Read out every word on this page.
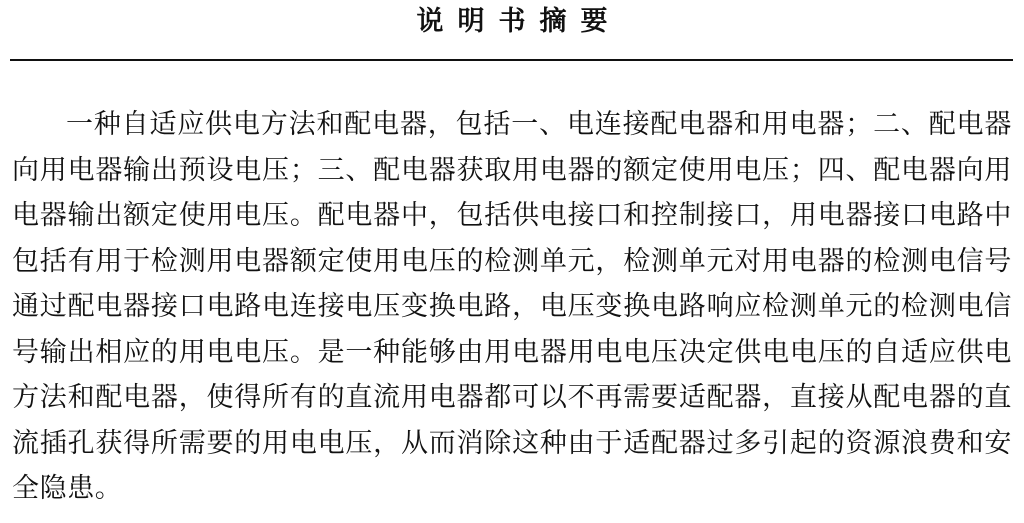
说明书摘要

一种自适应供电方法和配电器，包括一、电连接配电器和用电器；二、配电器向用电器输出预设电压；三、配电器获取用电器的额定使用电压；四、配电器向用电器输出额定使用电压。配电器中，包括供电接口和控制接口，用电器接口电路中包括有用于检测用电器额定使用电压的检测单元，检测单元对用电器的检测电信号通过配电器接口电路电连接电压变换电路，电压变换电路响应检测单元的检测电信号输出相应的用电电压。是一种能够由用电器用电电压决定供电电压的自适应供电方法和配电器，使得所有的直流用电器都可以不再需要适配器，直接从配电器的直流插孔获得所需要的用电电压，从而消除这种由于适配器过多引起的资源浪费和安全隐患。
